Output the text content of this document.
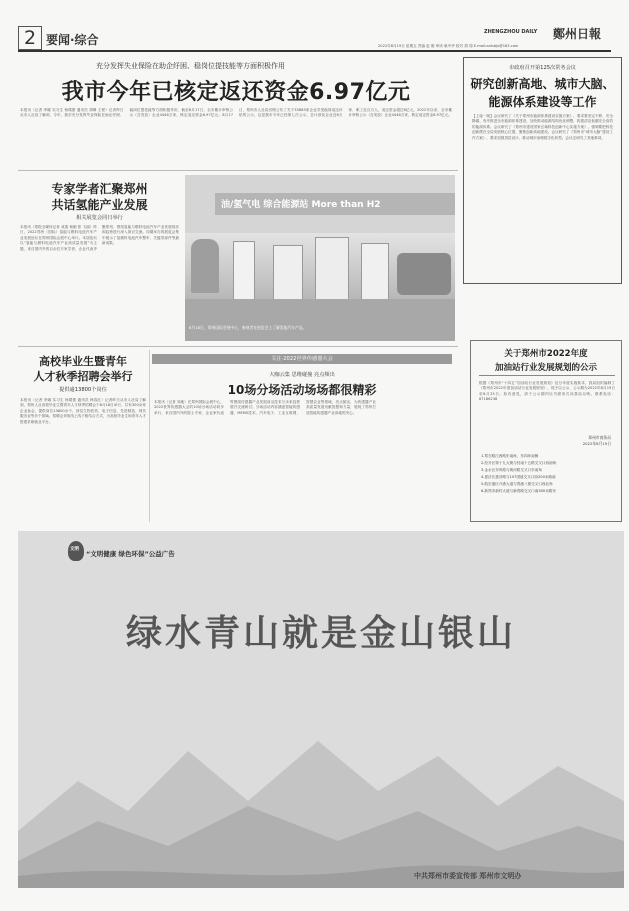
2 要闻·综合	2022年8月19日 星期五 责编 赵 刚 审读 耿中华 校对 胡 翔 E-mail:zzrbbjx@163.com
ZHENGZHOU DAILY 鄭州日報
充分发挥失业保险在助企纾困、稳岗位提技能等方面积极作用
我市今年已核定返还资金6.97亿元
本报讯（记者 李娜 实习生 杨璞蕾 通讯员 胡琳 王程）记者昨日从市人社局了解到，今年，我市充分发挥失业保险在助企纾困、稳岗位提技能等方面积极作用，截至8月17日，全市累计审核公示（含发放）企业4446万家，核定返还资金6.97亿元。8月17日，郑州市人社局官网公布了关于33883家企业享受稳岗返还补贴的公示，这是我市今年已经第七次公示，总计涉及企业近6万家、职工近百万人，返还资金超过6亿元。2022年以来，全市累计审核公示（含发放）企业4446万家，核定返还资金6.97亿元。
市政府召开第125次常务会议
研究创新高地、城市大脑、
能源体系建设等工作
【上接一版】会议研究了《关于郑州市能源体系建设实施方案》，要求要坚定不移、安全降碳、有序推进全市能源体系建设，加快推动能源结构优化调整，构建清洁低碳安全高效的能源体系。会议研究了《郑州市建设国家区域科技创新中心实施方案》，强调要把科技创新摆在全局发展核心位置，聚焦创新高地建设。会议研究了《郑州市“城市大脑”建设工作方案》，要求加强顶层设计，推动城市治理数字化转型。会议还研究了其他事项。
专家学者汇聚郑州
共话氢能产业发展
相关展览会同日举行
本报讯（郑报全媒体记者 成燕 杨刚 张 飞丽）昨日，2022郑州（国际）氢能与燃料电池汽车产业发展论坛在郑州国际会展中心举行。本届论坛以“氢能与燃料电池汽车产业高质量发展”为主题，来自国内外的百余位专家学者、企业代表齐聚郑州，围绕氢能与燃料电池汽车产业发展现状和趋势进行深入探讨交流。同期举办的展览会集中展示了氢燃料电池汽车整车、关键零部件等最新成果。
油/氢气电 综合能源站 More than H2
8月18日，郑州国际会展中心，参观者在展览会上了解氢能汽车产品。
高校毕业生暨青年
人才秋季招聘会举行
提供逾13800个岗位
本报讯（记者 李娜 实习生 杨璞蕾 通讯员 韩春红）记者昨日从市人社局了解到，郑州人社高校毕业生暨青年人才秋季招聘会于8月18日举行，共有300余家企业参会，提供岗位13800余个，涉及生物医药、电子信息、先进制造、现代服务业等多个领域。招聘会采取线上线下相结合方式，为高校毕业生和青年人才搭建求职就业平台。
关注·2022世界传感器大会
大咖云集 思维碰撞 亮点频出
10场分场活动场场都很精彩
本报讯（记者 刘地）在郑州国际会展中心，2022世界传感器大会的10场分场活动同步举行，来自国内外的院士专家、企业家代表等围绕传感器产业发展前沿技术与未来趋势展开交流研讨。分场活动内容涵盖智能传感器、MEMS技术、汽车电子、工业互联网、智慧农业等领域，亮点频出，为传感器产业高质量发展贡献智慧和力量，展现了郑州打造智能传感器产业高地的决心。
关于郑州市2022年度
加油站行业发展规划的公示
根据《郑州市“十四五”加油站行业发展规划》及分年度实施要求，我局组织编制了《郑州市2022年度加油站行业发展规划》，现予以公示，公示期为2022年8月19日至8月25日。如有意见，请于公示期内以书面形式向我局反映。联系电话：67186238
郑州市商务局
2022年8月19日
1.郑石路江西路东南角，东四环南侧
2.经开区第十九大街与经南十五路交叉口西南角
3.金水区东风路与黄河路交叉口东南角
4.惠济区惠济路与107国道交叉口西200米路南
5.航空港区兴港大道与郑港八街交叉口西北角
6.新郑市新村大道与新郑路交叉口南300米路东
文明
“文明健康 绿色环保”公益广告
绿水青山就是金山银山
中共郑州市委宣传部 郑州市文明办
